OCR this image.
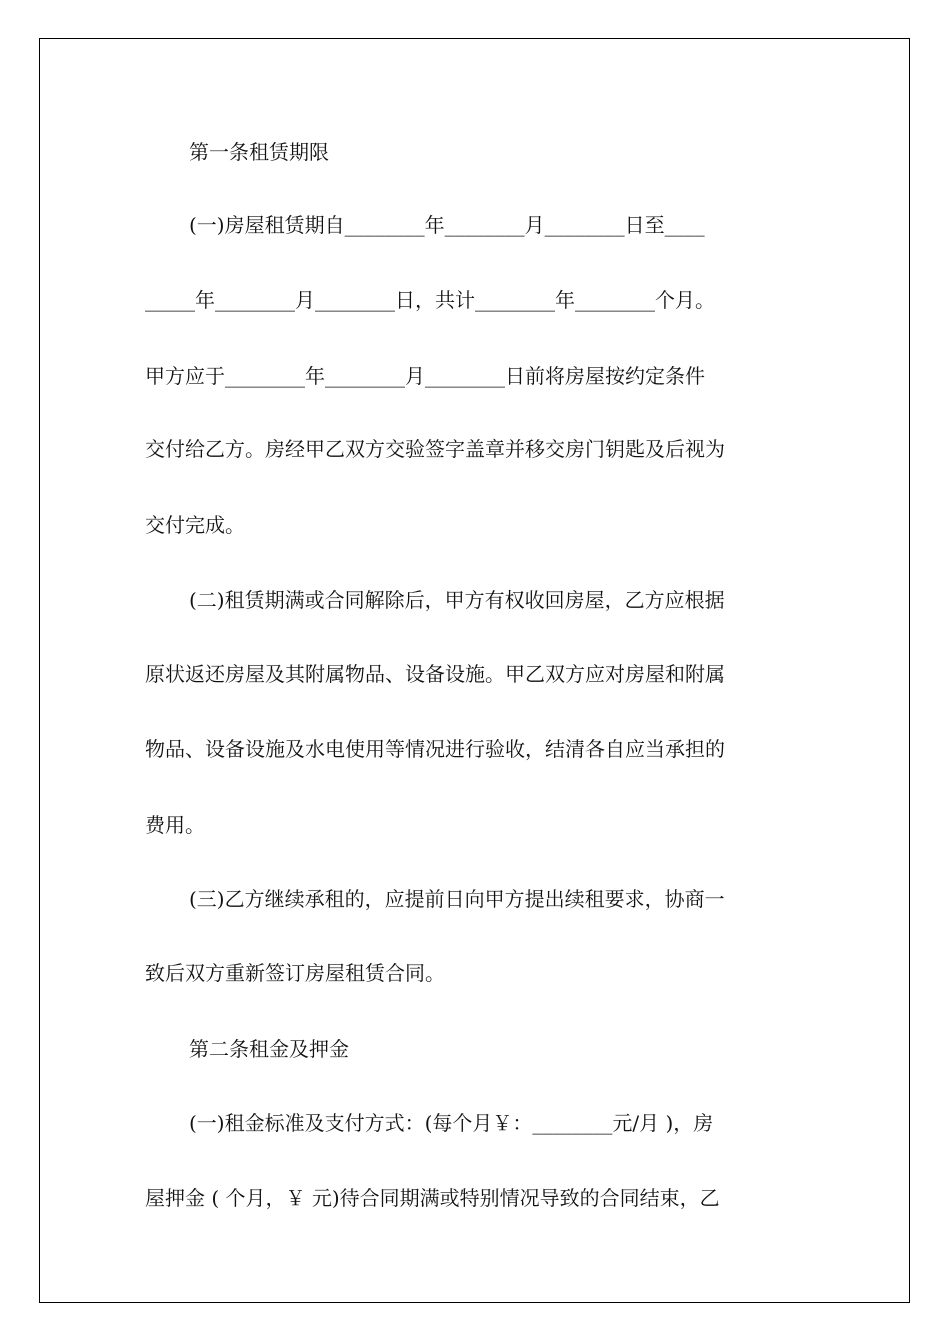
第一条租赁期限
(一)房屋租赁期自________年________月________日至____
_____年________月________日，共计________年________个月。
甲方应于________年________月________日前将房屋按约定条件
交付给乙方。房经甲乙双方交验签字盖章并移交房门钥匙及后视为
交付完成。
(二)租赁期满或合同解除后，甲方有权收回房屋，乙方应根据
原状返还房屋及其附属物品、设备设施。甲乙双方应对房屋和附属
物品、设备设施及水电使用等情况进行验收，结清各自应当承担的
费用。
(三)乙方继续承租的，应提前日向甲方提出续租要求，协商一
致后双方重新签订房屋租赁合同。
第二条租金及押金
(一)租金标准及支付方式：(每个月￥：________元/月 )，房
屋押金 ( 个月，￥ 元)待合同期满或特别情况导致的合同结束，乙
